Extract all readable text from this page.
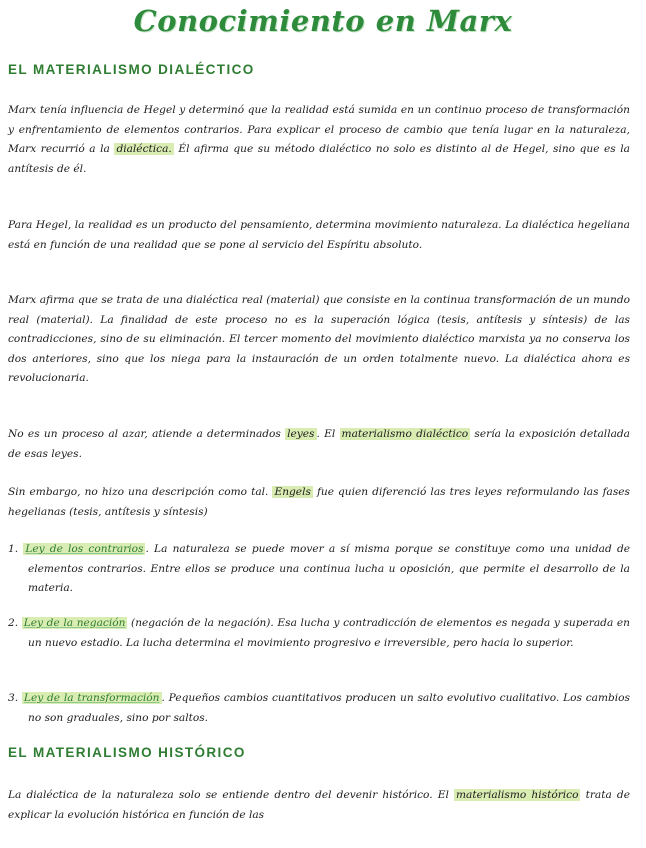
Conocimiento en Marx
EL MATERIALISMO DIALÉCTICO
Marx tenía influencia de Hegel y determinó que la realidad está sumida en un continuo proceso de transformación y enfrentamiento de elementos contrarios. Para explicar el proceso de cambio que tenía lugar en la naturaleza, Marx recurrió a la dialéctica. Él afirma que su método dialéctico no solo es distinto al de Hegel, sino que es la antítesis de él.
Para Hegel, la realidad es un producto del pensamiento, determina movimiento naturaleza. La dialéctica hegeliana está en función de una realidad que se pone al servicio del Espíritu absoluto.
Marx afirma que se trata de una dialéctica real (material) que consiste en la continua transformación de un mundo real (material). La finalidad de este proceso no es la superación lógica (tesis, antítesis y síntesis) de las contradicciones, sino de su eliminación. El tercer momento del movimiento dialéctico marxista ya no conserva los dos anteriores, sino que los niega para la instauración de un orden totalmente nuevo. La dialéctica ahora es revolucionaria.
No es un proceso al azar, atiende a determinados leyes . El materialismo dialéctico sería la exposición detallada de esas leyes.
Sin embargo, no hizo una descripción como tal. Engels fue quien diferenció las tres leyes reformulando las fases hegelianas (tesis, antítesis y síntesis)
1. Ley de los contrarios . La naturaleza se puede mover a sí misma porque se constituye como una unidad de elementos contrarios. Entre ellos se produce una continua lucha u oposición, que permite el desarrollo de la materia.
2. Ley de la negación (negación de la negación). Esa lucha y contradicción de elementos es negada y superada en un nuevo estadio. La lucha determina el movimiento progresivo e irreversible, pero hacia lo superior.
3. Ley de la transformación . Pequeños cambios cuantitativos producen un salto evolutivo cualitativo. Los cambios no son graduales, sino por saltos.
EL MATERIALISMO HISTÓRICO
La dialéctica de la naturaleza solo se entiende dentro del devenir histórico. El materialismo histórico trata de explicar la evolución histórica en función de las
